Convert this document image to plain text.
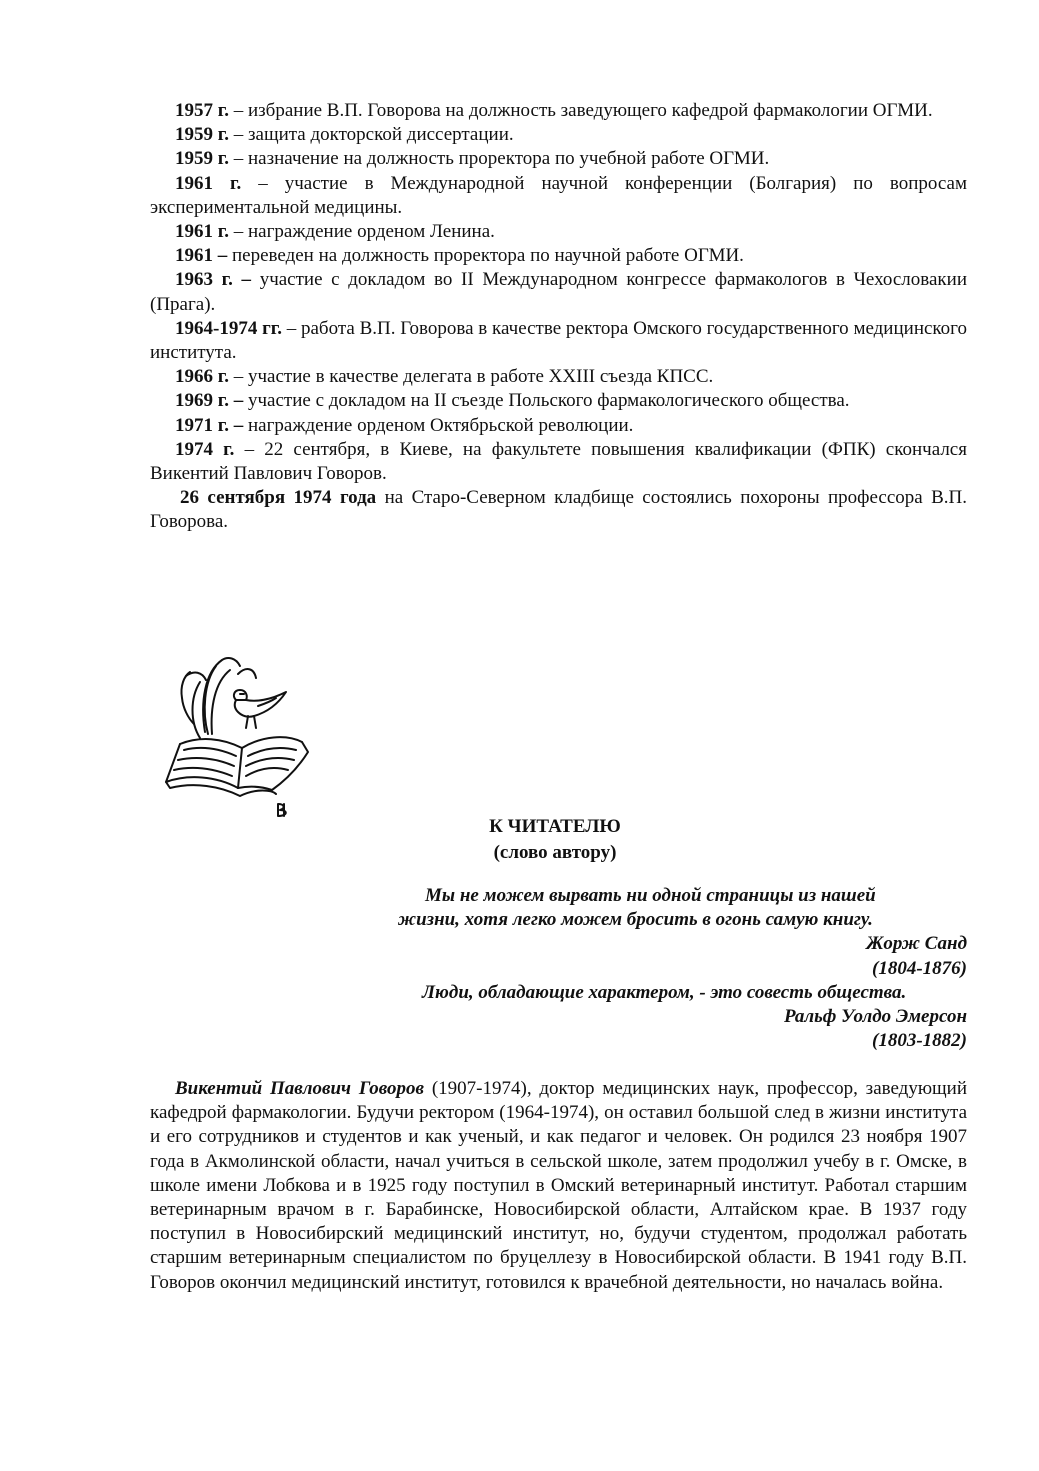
1957 г. – избрание В.П. Говорова на должность заведующего кафедрой фармакологии ОГМИ.

1959 г. – защита докторской диссертации.

1959 г. – назначение на должность проректора по учебной работе ОГМИ.

1961 г. – участие в Международной научной конференции (Болгария) по вопросам экспериментальной медицины.

1961 г. – награждение орденом Ленина.

1961 – переведен на должность проректора по научной работе ОГМИ.

1963 г. – участие с докладом во II Международном конгрессе фармакологов в Чехословакии (Прага).

1964-1974 гг. – работа В.П. Говорова в качестве ректора Омского государственного медицинского института.

1966 г. – участие в качестве делегата в работе XXIII съезда КПСС.

1969 г. – участие с докладом на II съезде Польского фармакологического общества.

1971 г. – награждение орденом Октябрьской революции.

1974 г. – 22 сентября, в Киеве, на факультете повышения квалификации (ФПК) скончался Викентий Павлович Говоров.

26 сентября 1974 года на Старо-Северном кладбище состоялись похороны профессора В.П. Говорова.

К ЧИТАТЕЛЮ
(слово автору)

Мы не можем вырвать ни одной страницы из нашей
жизни, хотя легко можем бросить в огонь самую книгу.

Жорж Санд

(1804-1876)

Люди, обладающие характером, - это совесть общества.

Ральф Уолдо Эмерсон

(1803-1882)

Викентий Павлович Говоров (1907-1974), доктор медицинских наук, профессор, заведующий кафедрой фармакологии. Будучи ректором (1964-1974), он оставил большой след в жизни института и его сотрудников и студентов и как ученый, и как педагог и человек. Он родился 23 ноября 1907 года в Акмолинской области, начал учиться в сельской школе, затем продолжил учебу в г. Омске, в школе имени Лобкова и в 1925 году поступил в Омский ветеринарный институт. Работал старшим ветеринарным врачом в г. Барабинске, Новосибирской области, Алтайском крае. В 1937 году поступил в Новосибирский медицинский институт, но, будучи студентом, продолжал работать старшим ветеринарным специалистом по бруцеллезу в Новосибирской области. В 1941 году В.П. Говоров окончил медицинский институт, готовился к врачебной деятельности, но началась война.
